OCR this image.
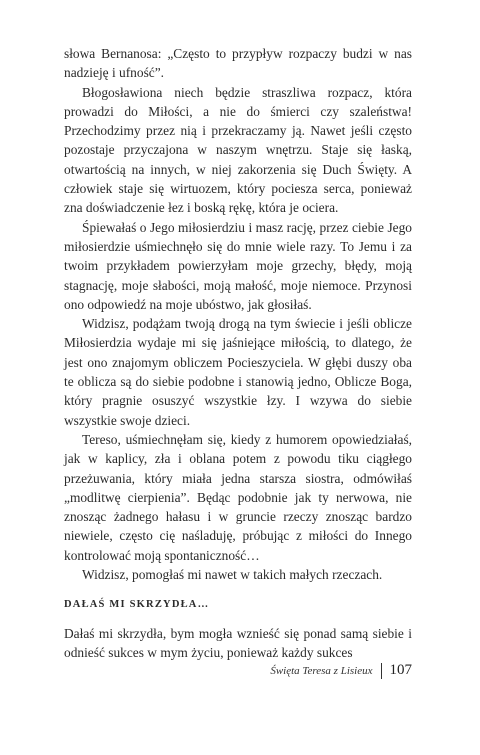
słowa Bernanosa: „Często to przypływ rozpaczy budzi w nas nadzieję i ufność”.

Błogosławiona niech będzie straszliwa rozpacz, która prowadzi do Miłości, a nie do śmierci czy szaleństwa! Przechodzimy przez nią i przekraczamy ją. Nawet jeśli często pozostaje przyczajona w naszym wnętrzu. Staje się łaską, otwartością na innych, w niej zakorzenia się Duch Święty. A człowiek staje się wirtuozem, który pociesza serca, ponieważ zna doświadczenie łez i boską rękę, która je ociera.

Śpiewałaś o Jego miłosierdziu i masz rację, przez ciebie Jego miłosierdzie uśmiechnęło się do mnie wiele razy. To Jemu i za twoim przykładem powierzyłam moje grzechy, błędy, moją stagnację, moje słabości, moją małość, moje niemoce. Przynosi ono odpowiedź na moje ubóstwo, jak głosiłaś.

Widzisz, podążam twoją drogą na tym świecie i jeśli oblicze Miłosierdzia wydaje mi się jaśniejące miłością, to dlatego, że jest ono znajomym obliczem Pocieszyciela. W głębi duszy oba te oblicza są do siebie podobne i stanowią jedno, Oblicze Boga, który pragnie osuszyć wszystkie łzy. I wzywa do siebie wszystkie swoje dzieci.

Tereso, uśmiechnęłam się, kiedy z humorem opowiedziałaś, jak w kaplicy, zła i oblana potem z powodu tiku ciągłego przeżuwania, który miała jedna starsza siostra, odmówiłaś „modlitwę cierpienia”. Będąc podobnie jak ty nerwowa, nie znosząc żadnego hałasu i w gruncie rzeczy znosząc bardzo niewiele, często cię naśladuję, próbując z miłości do Innego kontrolować moją spontaniczność…

Widzisz, pomogłaś mi nawet w takich małych rzeczach.

DAŁAŚ MI SKRZYDŁA…

Dałaś mi skrzydła, bym mogła wznieść się ponad samą siebie i odnieść sukces w mym życiu, ponieważ każdy sukces

Święta Teresa z Lisieux 107
